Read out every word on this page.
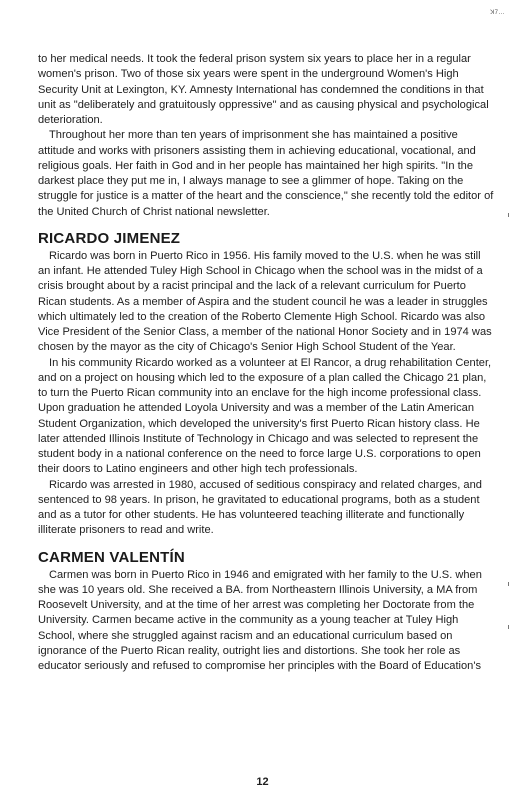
ꓘ7...

to her medical needs. It took the federal prison system six years to place her in a regular women's prison. Two of those six years were spent in the underground Women's High Security Unit at Lexington, KY. Amnesty International has condemned the conditions in that unit as "deliberately and gratuitously oppressive" and as causing physical and psychological deterioration.

Throughout her more than ten years of imprisonment she has maintained a positive attitude and works with prisoners assisting them in achieving educational, vocational, and religious goals. Her faith in God and in her people has maintained her high spirits. "In the darkest place they put me in, I always manage to see a glimmer of hope. Taking on the struggle for justice is a matter of the heart and the conscience," she recently told the editor of the United Church of Christ national newsletter.

RICARDO JIMENEZ

Ricardo was born in Puerto Rico in 1956. His family moved to the U.S. when he was still an infant. He attended Tuley High School in Chicago when the school was in the midst of a crisis brought about by a racist principal and the lack of a relevant curriculum for Puerto Rican students. As a member of Aspira and the student council he was a leader in struggles which ultimately led to the creation of the Roberto Clemente High School. Ricardo was also Vice President of the Senior Class, a member of the national Honor Society and in 1974 was chosen by the mayor as the city of Chicago's Senior High School Student of the Year.

In his community Ricardo worked as a volunteer at El Rancor, a drug rehabilitation Center, and on a project on housing which led to the exposure of a plan called the Chicago 21 plan, to turn the Puerto Rican community into an enclave for the high income professional class. Upon graduation he attended Loyola University and was a member of the Latin American Student Organization, which developed the university's first Puerto Rican history class. He later attended Illinois Institute of Technology in Chicago and was selected to represent the student body in a national conference on the need to force large U.S. corporations to open their doors to Latino engineers and other high tech professionals.

Ricardo was arrested in 1980, accused of seditious conspiracy and related charges, and sentenced to 98 years. In prison, he gravitated to educational programs, both as a student and as a tutor for other students. He has volunteered teaching illiterate and functionally illiterate prisoners to read and write.

CARMEN VALENTÍN

Carmen was born in Puerto Rico in 1946 and emigrated with her family to the U.S. when she was 10 years old. She received a BA. from Northeastern Illinois University, a MA from Roosevelt University, and at the time of her arrest was completing her Doctorate from the University. Carmen became active in the community as a young teacher at Tuley High School, where she struggled against racism and an educational curriculum based on ignorance of the Puerto Rican reality, outright lies and distortions. She took her role as educator seriously and refused to compromise her principles with the Board of Education's

12
